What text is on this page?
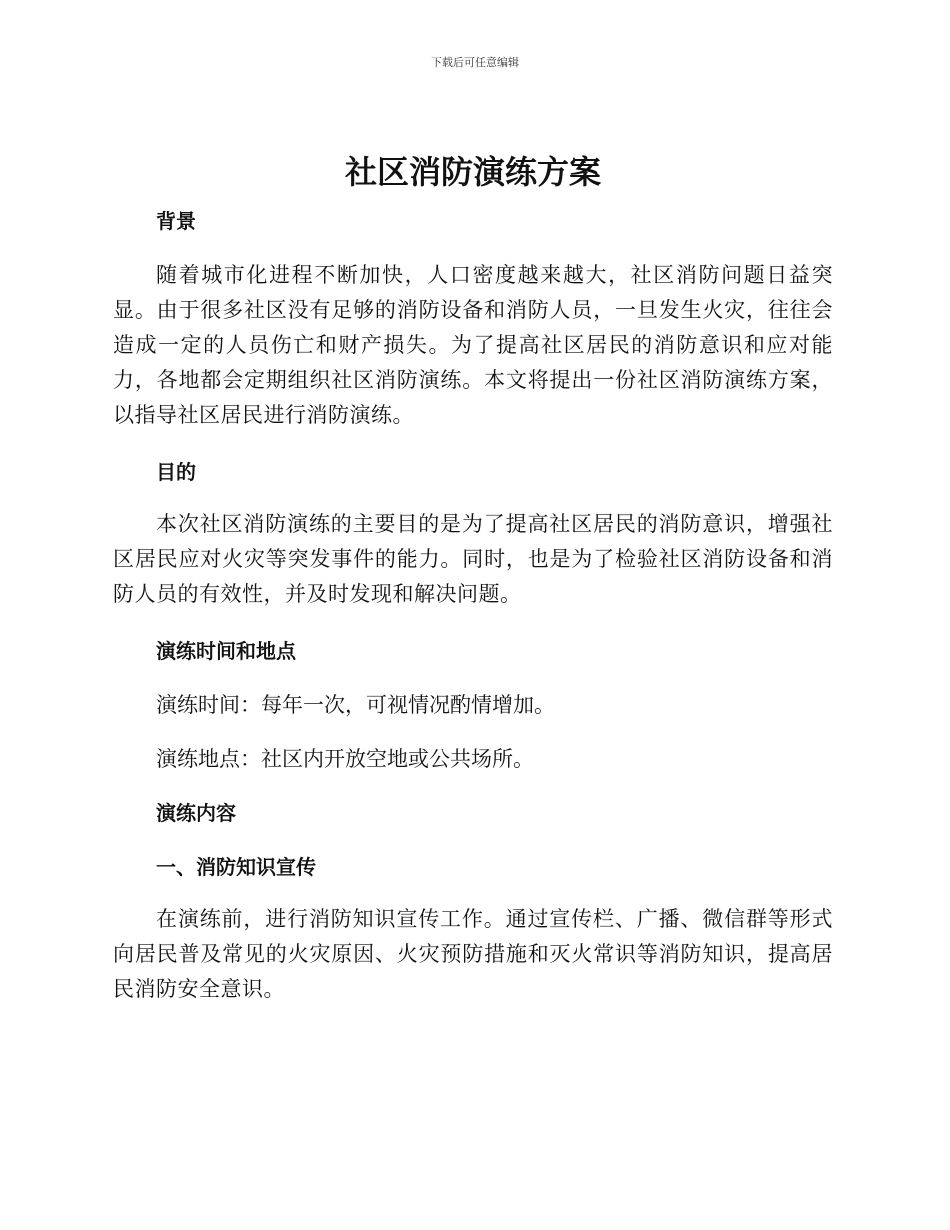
下载后可任意编辑
社区消防演练方案

背景

随着城市化进程不断加快，人口密度越来越大，社区消防问题日益突显。由于很多社区没有足够的消防设备和消防人员，一旦发生火灾，往往会造成一定的人员伤亡和财产损失。为了提高社区居民的消防意识和应对能力，各地都会定期组织社区消防演练。本文将提出一份社区消防演练方案，以指导社区居民进行消防演练。

目的

本次社区消防演练的主要目的是为了提高社区居民的消防意识，增强社区居民应对火灾等突发事件的能力。同时，也是为了检验社区消防设备和消防人员的有效性，并及时发现和解决问题。

演练时间和地点

演练时间：每年一次，可视情况酌情增加。

演练地点：社区内开放空地或公共场所。

演练内容

一、消防知识宣传

在演练前，进行消防知识宣传工作。通过宣传栏、广播、微信群等形式向居民普及常见的火灾原因、火灾预防措施和灭火常识等消防知识，提高居民消防安全意识。
